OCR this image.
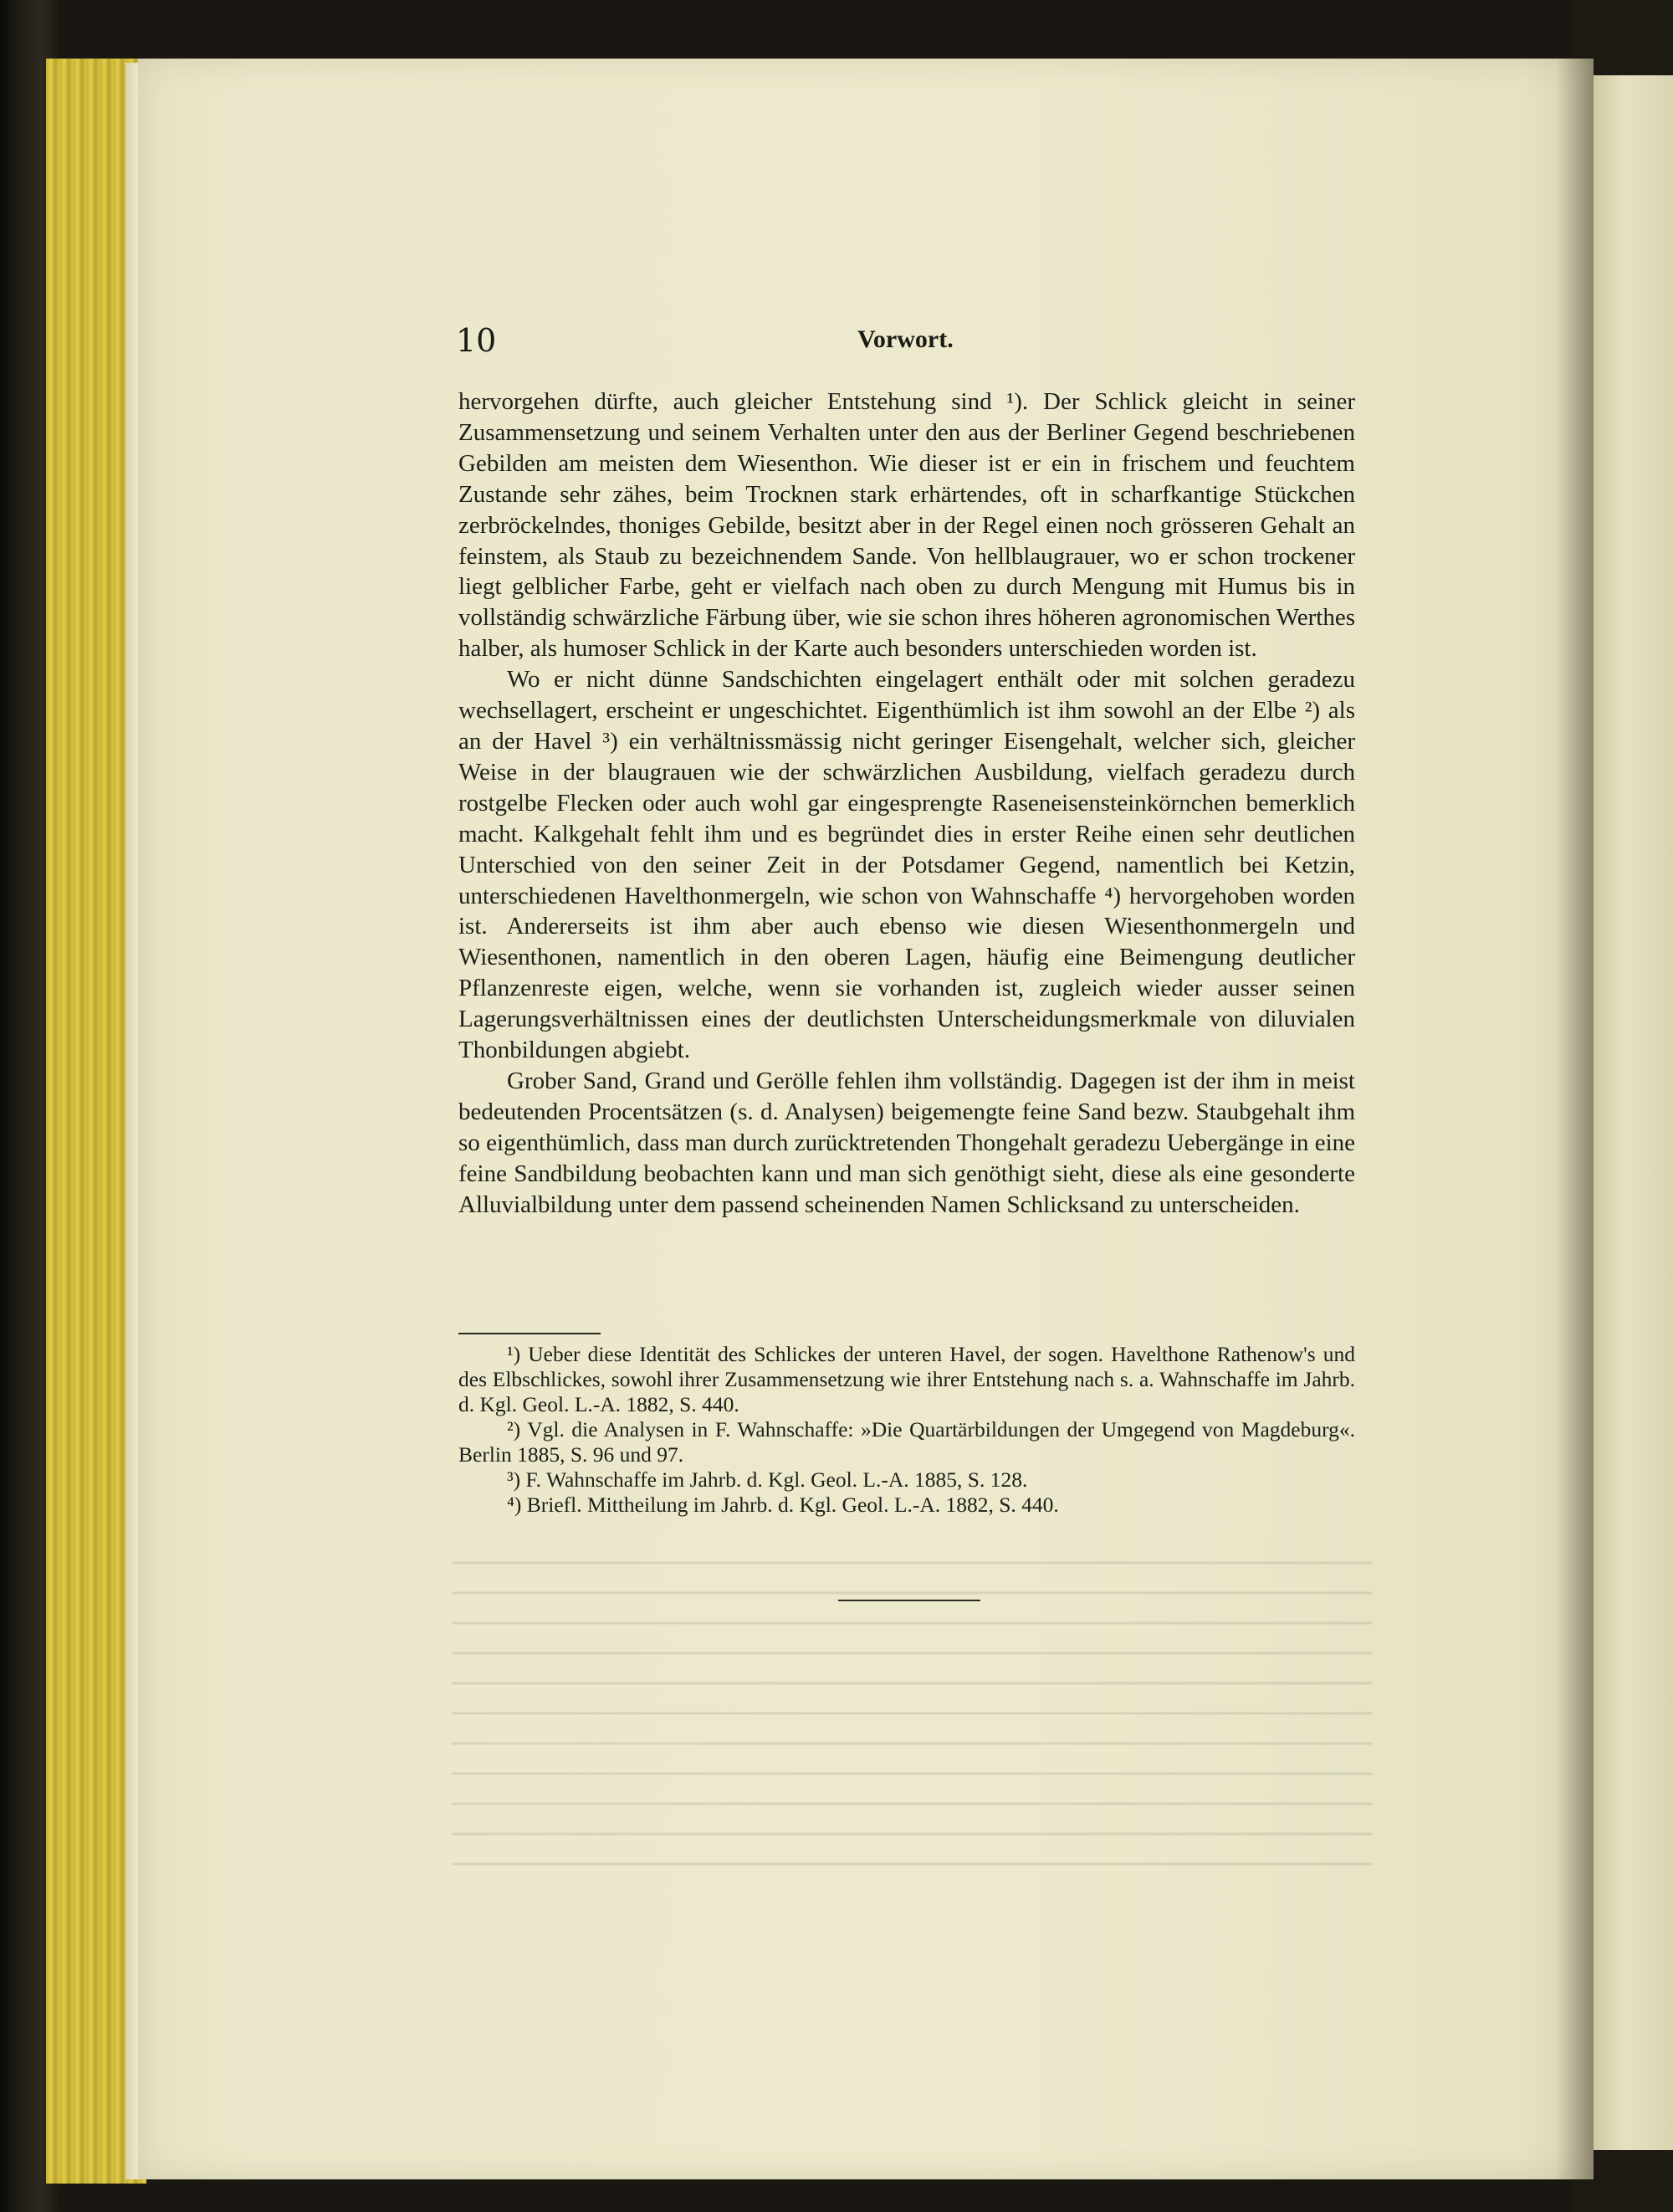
10	Vorwort.

hervorgehen dürfte, auch gleicher Entstehung sind ¹). Der Schlick gleicht in seiner Zusammensetzung und seinem Verhalten unter den aus der Berliner Gegend beschriebenen Gebilden am meisten dem Wiesenthon. Wie dieser ist er ein in frischem und feuchtem Zustande sehr zähes, beim Trocknen stark erhärtendes, oft in scharfkantige Stückchen zerbröckelndes, thoniges Gebilde, besitzt aber in der Regel einen noch grösseren Gehalt an feinstem, als Staub zu bezeichnendem Sande. Von hellblaugrauer, wo er schon trockener liegt gelblicher Farbe, geht er vielfach nach oben zu durch Mengung mit Humus bis in vollständig schwärzliche Färbung über, wie sie schon ihres höheren agronomischen Werthes halber, als humoser Schlick in der Karte auch besonders unterschieden worden ist.

Wo er nicht dünne Sandschichten eingelagert enthält oder mit solchen geradezu wechsellagert, erscheint er ungeschichtet. Eigenthümlich ist ihm sowohl an der Elbe ²) als an der Havel ³) ein verhältnissmässig nicht geringer Eisengehalt, welcher sich, gleicher Weise in der blaugrauen wie der schwärzlichen Ausbildung, vielfach geradezu durch rostgelbe Flecken oder auch wohl gar eingesprengte Raseneisensteinkörnchen bemerklich macht. Kalkgehalt fehlt ihm und es begründet dies in erster Reihe einen sehr deutlichen Unterschied von den seiner Zeit in der Potsdamer Gegend, namentlich bei Ketzin, unterschiedenen Havelthonmergeln, wie schon von Wahnschaffe ⁴) hervorgehoben worden ist. Andererseits ist ihm aber auch ebenso wie diesen Wiesenthonmergeln und Wiesenthonen, namentlich in den oberen Lagen, häufig eine Beimengung deutlicher Pflanzenreste eigen, welche, wenn sie vorhanden ist, zugleich wieder ausser seinen Lagerungsverhältnissen eines der deutlichsten Unterscheidungsmerkmale von diluvialen Thonbildungen abgiebt.

Grober Sand, Grand und Gerölle fehlen ihm vollständig. Dagegen ist der ihm in meist bedeutenden Procentsätzen (s. d. Analysen) beigemengte feine Sand bezw. Staubgehalt ihm so eigenthümlich, dass man durch zurücktretenden Thongehalt geradezu Uebergänge in eine feine Sandbildung beobachten kann und man sich genöthigt sieht, diese als eine gesonderte Alluvialbildung unter dem passend scheinenden Namen Schlicksand zu unterscheiden.

¹) Ueber diese Identität des Schlickes der unteren Havel, der sogen. Havelthone Rathenow's und des Elbschlickes, sowohl ihrer Zusammensetzung wie ihrer Entstehung nach s. a. Wahnschaffe im Jahrb. d. Kgl. Geol. L.-A. 1882, S. 440.

²) Vgl. die Analysen in F. Wahnschaffe: »Die Quartärbildungen der Umgegend von Magdeburg«. Berlin 1885, S. 96 und 97.

³) F. Wahnschaffe im Jahrb. d. Kgl. Geol. L.-A. 1885, S. 128.

⁴) Briefl. Mittheilung im Jahrb. d. Kgl. Geol. L.-A. 1882, S. 440.
